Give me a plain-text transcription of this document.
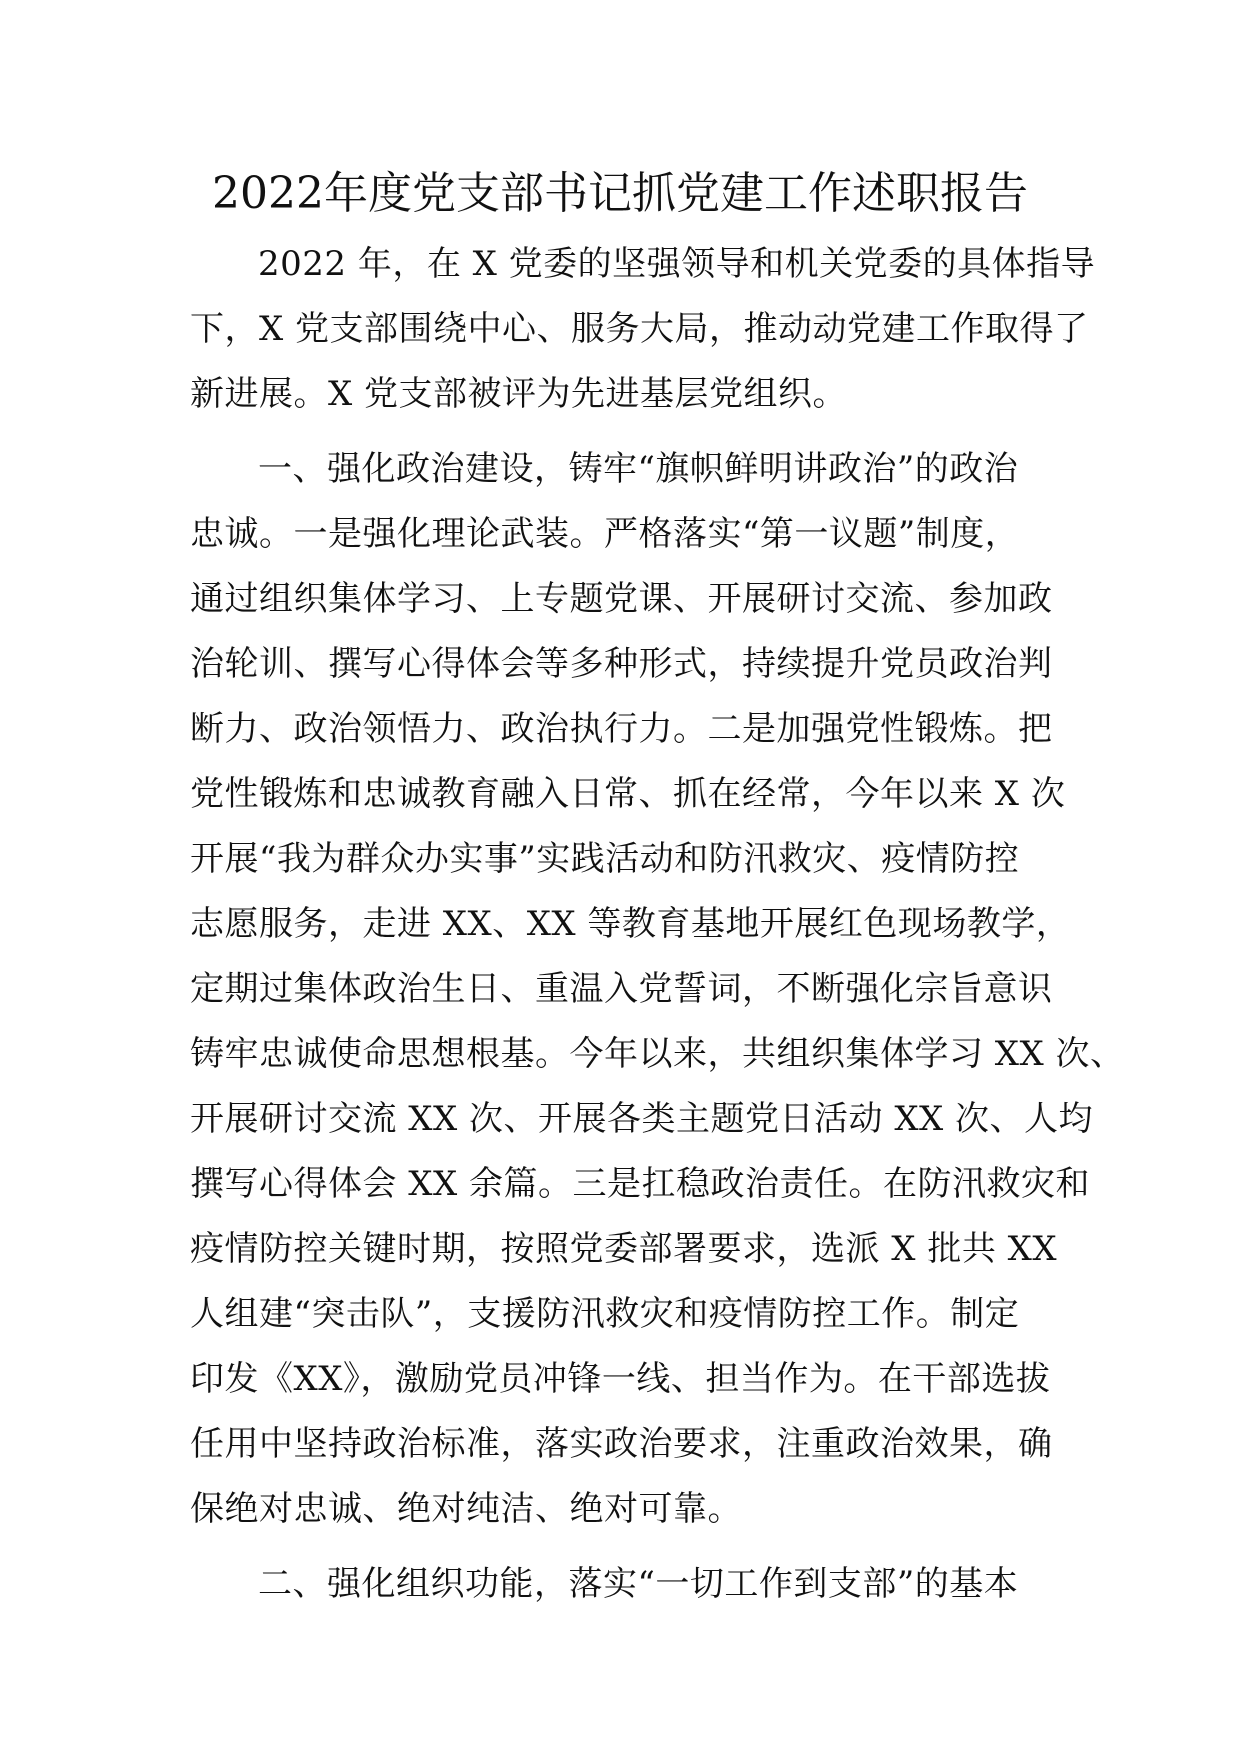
2022年度党支部书记抓党建工作述职报告
2022 年，在 X 党委的坚强领导和机关党委的具体指导
下，X 党支部围绕中心、服务大局，推动动党建工作取得了
新进展。X 党支部被评为先进基层党组织。
一、强化政治建设，铸牢“旗帜鲜明讲政治”的政治
忠诚。一是强化理论武装。严格落实“第一议题”制度，
通过组织集体学习、上专题党课、开展研讨交流、参加政
治轮训、撰写心得体会等多种形式，持续提升党员政治判
断力、政治领悟力、政治执行力。二是加强党性锻炼。把
党性锻炼和忠诚教育融入日常、抓在经常，今年以来 X 次
开展“我为群众办实事”实践活动和防汛救灾、疫情防控
志愿服务，走进 XX、XX 等教育基地开展红色现场教学，
定期过集体政治生日、重温入党誓词，不断强化宗旨意识
铸牢忠诚使命思想根基。今年以来，共组织集体学习 XX 次、
开展研讨交流 XX 次、开展各类主题党日活动 XX 次、人均
撰写心得体会 XX 余篇。三是扛稳政治责任。在防汛救灾和
疫情防控关键时期，按照党委部署要求，选派 X 批共 XX
人组建“突击队”，支援防汛救灾和疫情防控工作。制定
印发《XX》，激励党员冲锋一线、担当作为。在干部选拔
任用中坚持政治标准，落实政治要求，注重政治效果，确
保绝对忠诚、绝对纯洁、绝对可靠。
二、强化组织功能，落实“一切工作到支部”的基本
